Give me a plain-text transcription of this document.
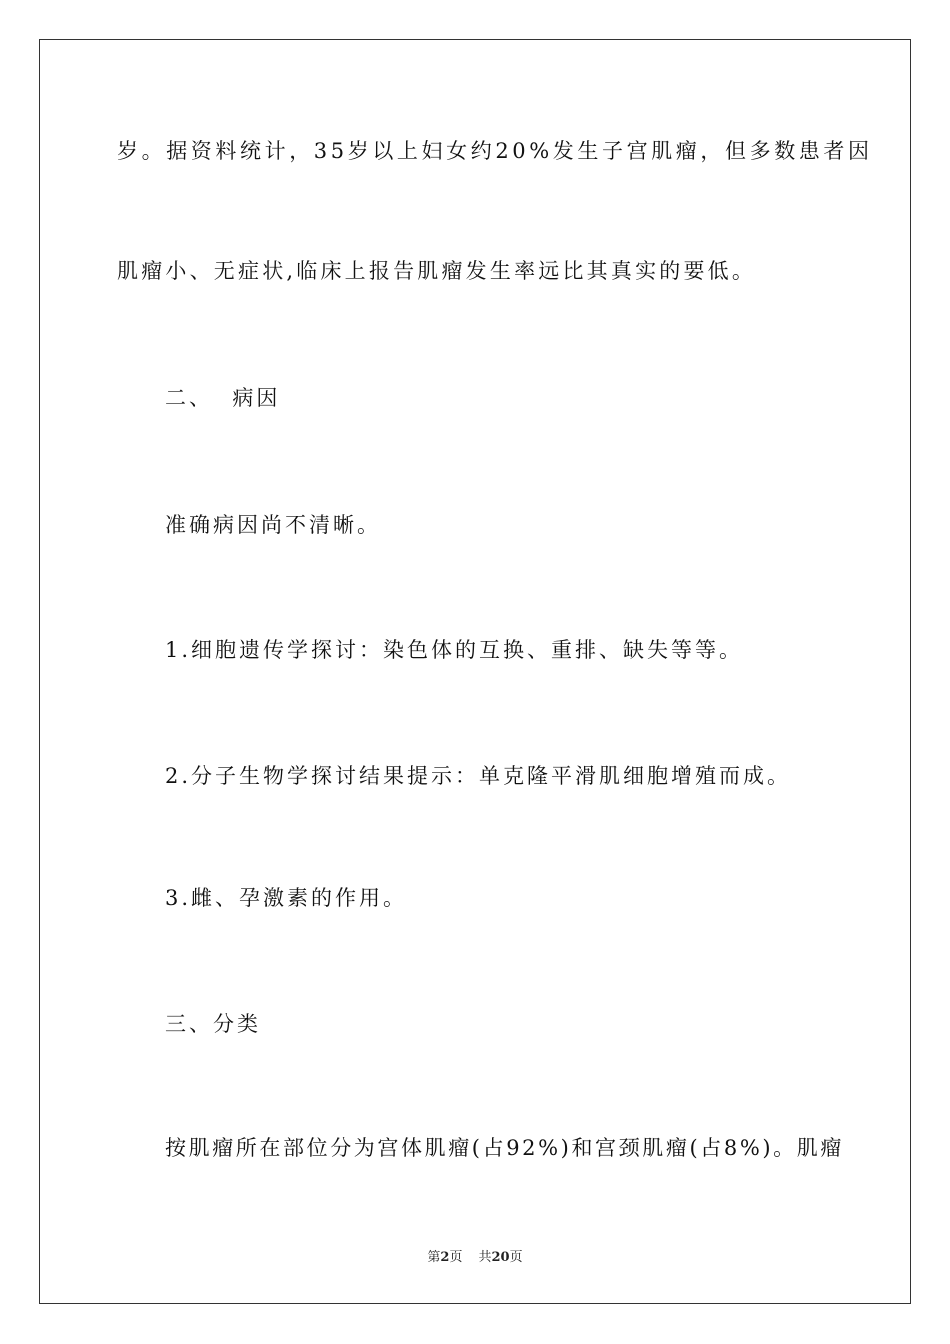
岁。据资料统计，35岁以上妇女约20%发生子宫肌瘤，但多数患者因
肌瘤小、无症状,临床上报告肌瘤发生率远比其真实的要低。
二、  病因
准确病因尚不清晰。
1.细胞遗传学探讨：染色体的互换、重排、缺失等等。
2.分子生物学探讨结果提示：单克隆平滑肌细胞增殖而成。
3.雌、孕激素的作用。
三、分类
按肌瘤所在部位分为宫体肌瘤(占92%)和宫颈肌瘤(占8%)。肌瘤
第2页 共20页
